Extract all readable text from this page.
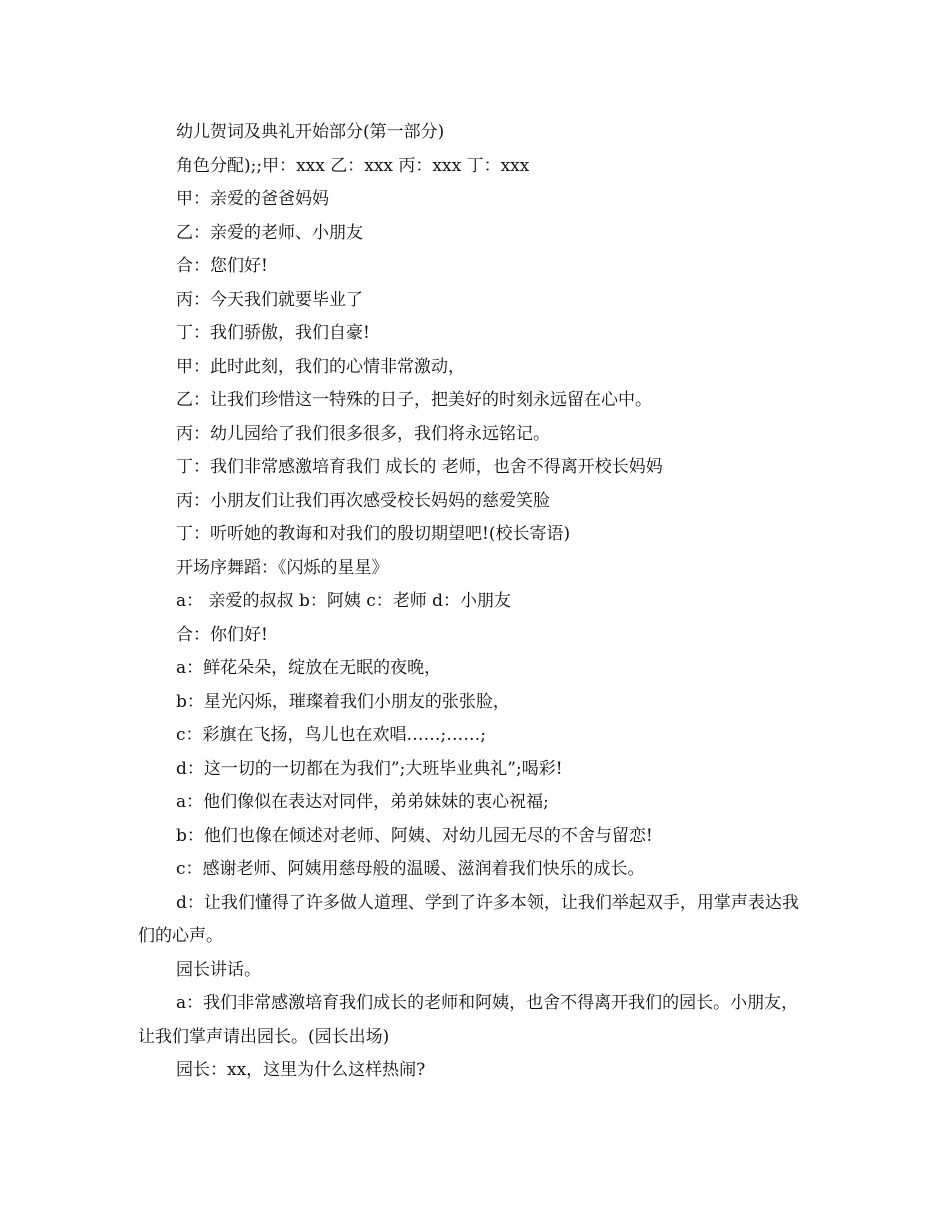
幼儿贺词及典礼开始部分(第一部分)

角色分配);;甲：xxx 乙：xxx 丙：xxx 丁：xxx

甲：亲爱的爸爸妈妈

乙：亲爱的老师、小朋友

合：您们好!

丙：今天我们就要毕业了

丁：我们骄傲，我们自豪!

甲：此时此刻，我们的心情非常激动，

乙：让我们珍惜这一特殊的日子，把美好的时刻永远留在心中。

丙：幼儿园给了我们很多很多，我们将永远铭记。

丁：我们非常感激培育我们 成长的 老师，也舍不得离开校长妈妈

丙：小朋友们让我们再次感受校长妈妈的慈爱笑脸

丁：听听她的教诲和对我们的殷切期望吧!(校长寄语)

开场序舞蹈：《闪烁的星星》

a： 亲爱的叔叔 b：阿姨 c：老师 d：小朋友

合：你们好!

a：鲜花朵朵，绽放在无眠的夜晚，

b：星光闪烁，璀璨着我们小朋友的张张脸，

c：彩旗在飞扬，鸟儿也在欢唱……;……;

d：这一切的一切都在为我们”;大班毕业典礼”;喝彩!

a：他们像似在表达对同伴，弟弟妹妹的衷心祝福;

b：他们也像在倾述对老师、阿姨、对幼儿园无尽的不舍与留恋!

c：感谢老师、阿姨用慈母般的温暖、滋润着我们快乐的成长。

d：让我们懂得了许多做人道理、学到了许多本领，让我们举起双手，用掌声表达我们的心声。

园长讲话。

a：我们非常感激培育我们成长的老师和阿姨，也舍不得离开我们的园长。小朋友，让我们掌声请出园长。(园长出场)

园长：xx，这里为什么这样热闹?
